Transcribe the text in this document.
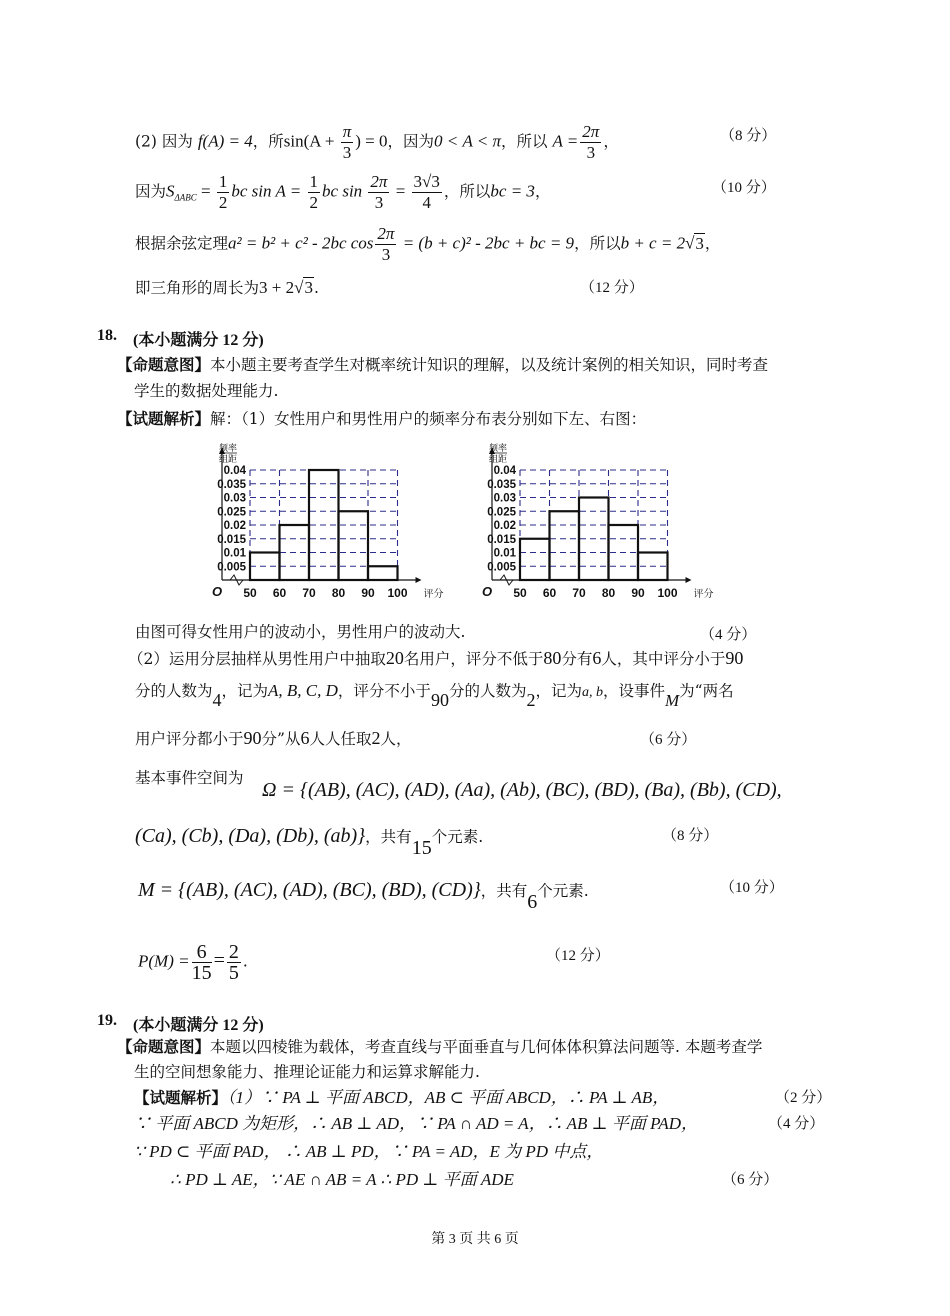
(2) 因为 f(A) = 4，所$\sin(A + \frac{\pi}{3}$ ) = 0，因为0 < A < π，所以 $A = \frac{2\pi}{3}$ ，	（8 分）
因为$S_{\Delta ABC} = \frac{1}{2}$ bc $\sin A = \frac{1}{2}$ bc $\sin \frac{2\pi}{3} = \frac{3√3}{4}$ ，所以bc = 3，	（10 分）
根据余弦定理a² = b² + c² - 2bc $\cos \frac{2\pi}{3} = (b + c)^2 - 2bc$ + bc = 9，所以b + c = 2√3，
即三角形的周长为3 + 2√3.	（12 分）
18. (本小题满分 12 分)
【命题意图】本小题主要考查学生对概率统计知识的理解，以及统计案例的相关知识，同时考查
学生的数据处理能力.
【试题解析】解：（1）女性用户和男性用户的频率分布表分别如下左、右图：
0.005
0.01
0.015
0.02
0.025
0.03
0.035
0.04
50 60 70 80 90 100
O
频率
组距
评分
0.005
0.01
0.015
0.02
0.025
0.03
0.035
0.04
50 60 70 80 90 100
O
频率
组距
评分
由图可得女性用户的波动小，男性用户的波动大.	（4 分）
（2）运用分层抽样从男性用户中抽取20名用户，评分不低于80分有6人，其中评分小于90
分的人数为4，记为A, B, C, D，评分不小于90分的人数为2，记为a, b，设事件M为“两名
用户评分都小于90分”从6人人任取2人，	（6 分）
基本事件空间为
Ω = {(AB), (AC), (AD), (Aa), (Ab), (BC), (BD), (Ba), (Bb), (CD),
(Ca), (Cb), (Da), (Db), (ab)}，共有15个元素.	（8 分）
M = {(AB), (AC), (AD), (BC), (BD), (CD)}，共有6个元素.	（10 分）
$P(M) = \frac{6}{15} = \frac{2}{5}$ .	（12 分）
19. (本小题满分 12 分)
【命题意图】本题以四棱锥为载体，考查直线与平面垂直与几何体体积算法问题等. 本题考查学
生的空间想象能力、推理论证能力和运算求解能力.
【试题解析】（1）∵ PA ⊥ 平面 ABCD，AB ⊂ 平面 ABCD，∴ PA ⊥ AB，	（2 分）
∵ 平面 ABCD 为矩形，∴ AB ⊥ AD，∵ PA ∩ AD = A，∴ AB ⊥ 平面 PAD，	（4 分）
∵ PD ⊂ 平面 PAD， ∴ AB ⊥ PD，∵ PA = AD，E 为 PD 中点，
∴ PD ⊥ AE，∵ AE ∩ AB = A ∴ PD ⊥ 平面 ADE	（6 分）
第 3 页 共 6 页
